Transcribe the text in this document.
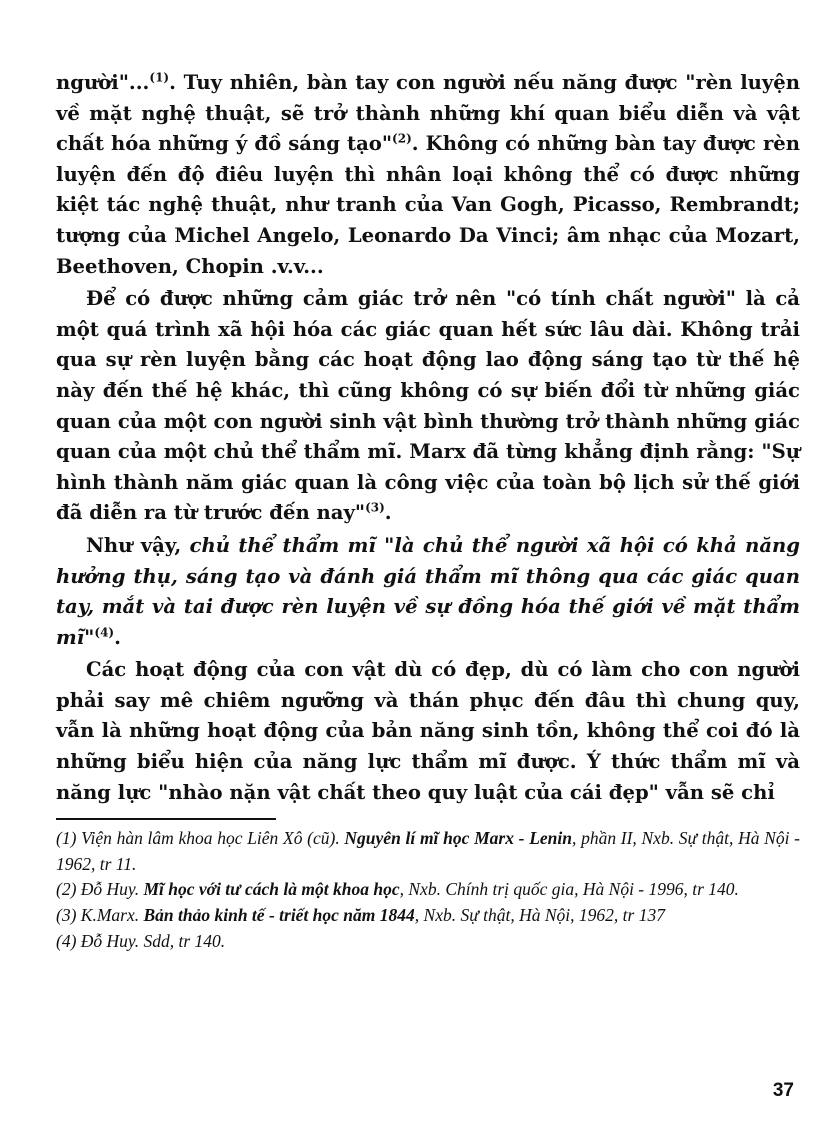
người"...$^{(1)}$. Tuy nhiên, bàn tay con người nếu năng được "rèn luyện về mặt nghệ thuật, sẽ trở thành những khí quan biểu diễn và vật chất hóa những ý đồ sáng tạo"$^{(2)}$. Không có những bàn tay được rèn luyện đến độ điêu luyện thì nhân loại không thể có được những kiệt tác nghệ thuật, như tranh của Van Gogh, Picasso, Rembrandt; tượng của Michel Angelo, Leonardo Da Vinci; âm nhạc của Mozart, Beethoven, Chopin .v.v...

Để có được những cảm giác trở nên "có tính chất người" là cả một quá trình xã hội hóa các giác quan hết sức lâu dài. Không trải qua sự rèn luyện bằng các hoạt động lao động sáng tạo từ thế hệ này đến thế hệ khác, thì cũng không có sự biến đổi từ những giác quan của một con người sinh vật bình thường trở thành những giác quan của một chủ thể thẩm mĩ. Marx đã từng khẳng định rằng: "Sự hình thành năm giác quan là công việc của toàn bộ lịch sử thế giới đã diễn ra từ trước đến nay"$^{(3)}$.

Như vậy, chủ thể thẩm mĩ "là chủ thể người xã hội có khả năng hưởng thụ, sáng tạo và đánh giá thẩm mĩ thông qua các giác quan tay, mắt và tai được rèn luyện về sự đồng hóa thế giới về mặt thẩm mĩ"$^{(4)}$.

Các hoạt động của con vật dù có đẹp, dù có làm cho con người phải say mê chiêm ngưỡng và thán phục đến đâu thì chung quy, vẫn là những hoạt động của bản năng sinh tồn, không thể coi đó là những biểu hiện của năng lực thẩm mĩ được. Ý thức thẩm mĩ và năng lực "nhào nặn vật chất theo quy luật của cái đẹp" vẫn sẽ chỉ

(1) Viện hàn lâm khoa học Liên Xô (cũ). Nguyên lí mĩ học Marx - Lenin, phần II, Nxb. Sự thật, Hà Nội - 1962, tr 11.

(2) Đỗ Huy. Mĩ học với tư cách là một khoa học, Nxb. Chính trị quốc gia, Hà Nội - 1996, tr 140.

(3) K.Marx. Bản thảo kinh tế - triết học năm 1844, Nxb. Sự thật, Hà Nội, 1962, tr 137

(4) Đỗ Huy. Sdd, tr 140.

37
